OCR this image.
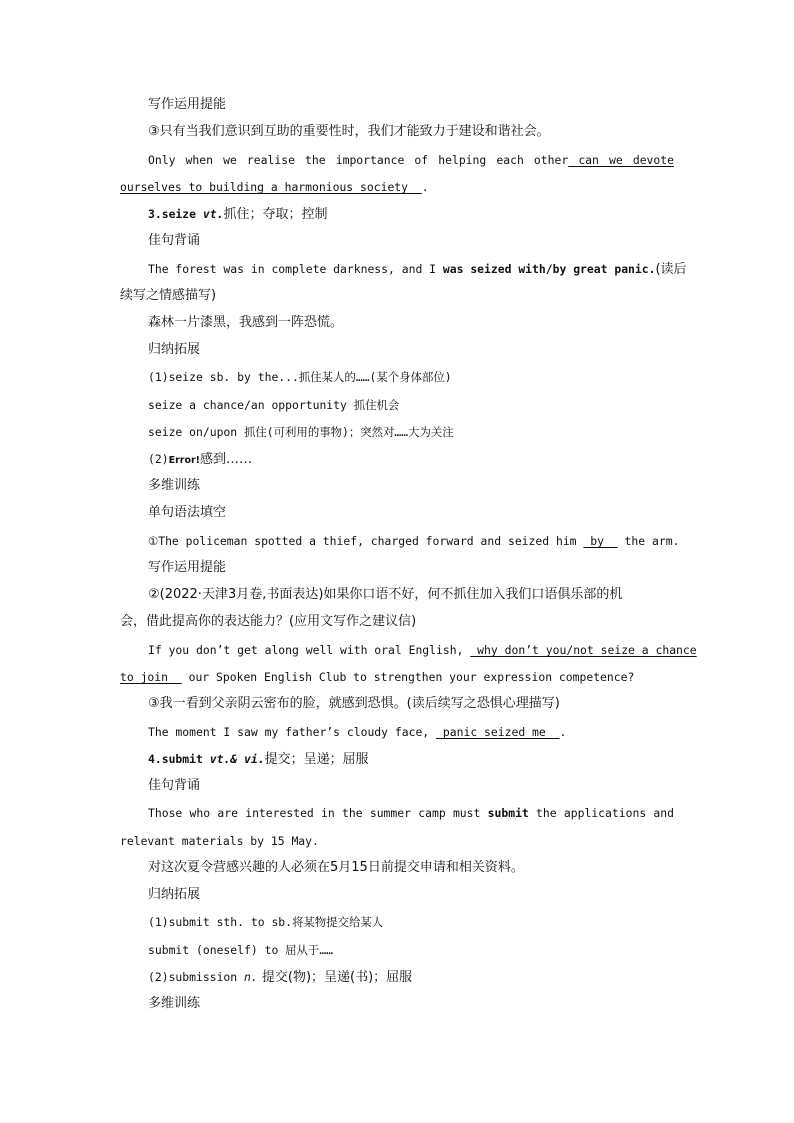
写作运用提能
③只有当我们意识到互助的重要性时，我们才能致力于建设和谐社会。
Only when we realise the importance of helping each other can we devote
ourselves to building a harmonious society  .
3.seize vt.抓住；夺取；控制
佳句背诵
The forest was in complete darkness, and I was seized with/by great panic.(读后
续写之情感描写)
森林一片漆黑，我感到一阵恐慌。
归纳拓展
(1)seize sb. by the...抓住某人的……(某个身体部位)
seize a chance/an opportunity 抓住机会
seize on/upon 抓住(可利用的事物)；突然对……大为关注
(2)Error!感到……
多维训练
单句语法填空
①The policeman spotted a thief, charged forward and seized him  by   the arm.
写作运用提能
②(2022·天津3月卷,书面表达)如果你口语不好，何不抓住加入我们口语俱乐部的机
会，借此提高你的表达能力？(应用文写作之建议信)
If you don’t get along well with oral English,  why don’t you/not seize a chance
to join   our Spoken English Club to strengthen your expression competence?
③我一看到父亲阴云密布的脸，就感到恐惧。(读后续写之恐惧心理描写)
The moment I saw my father’s cloudy face,  panic seized me  .
4.submit vt.& vi.提交；呈递；屈服
佳句背诵
Those who are interested in the summer camp must submit the applications and
relevant materials by 15 May.
对这次夏令营感兴趣的人必须在5月15日前提交申请和相关资料。
归纳拓展
(1)submit sth. to sb.将某物提交给某人
submit (oneself) to 屈从于……
(2)submission n. 提交(物)；呈递(书)；屈服
多维训练
